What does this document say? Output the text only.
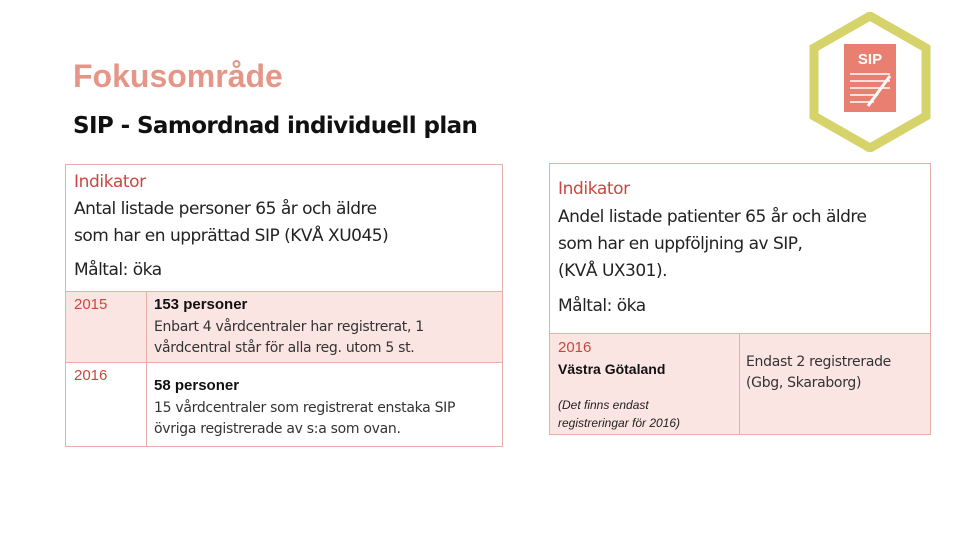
Fokusområde
SIP - Samordnad individuell plan
SIP
Indikator
Antal listade personer 65 år och äldre
som har en upprättad SIP (KVÅ XU045)
Måltal: öka
2015	153 personer
Enbart 4 vårdcentraler har registrerat, 1
vårdcentral står för alla reg. utom 5 st.
2016
58 personer
15 vårdcentraler som registrerat enstaka SIP
övriga registrerade av s:a som ovan.
Indikator
Andel listade patienter 65 år och äldre
som har en uppföljning av SIP,
(KVÅ UX301).
Måltal: öka
2016
Västra Götaland
(Det finns endast
registreringar för 2016)
Endast 2 registrerade
(Gbg, Skaraborg)
